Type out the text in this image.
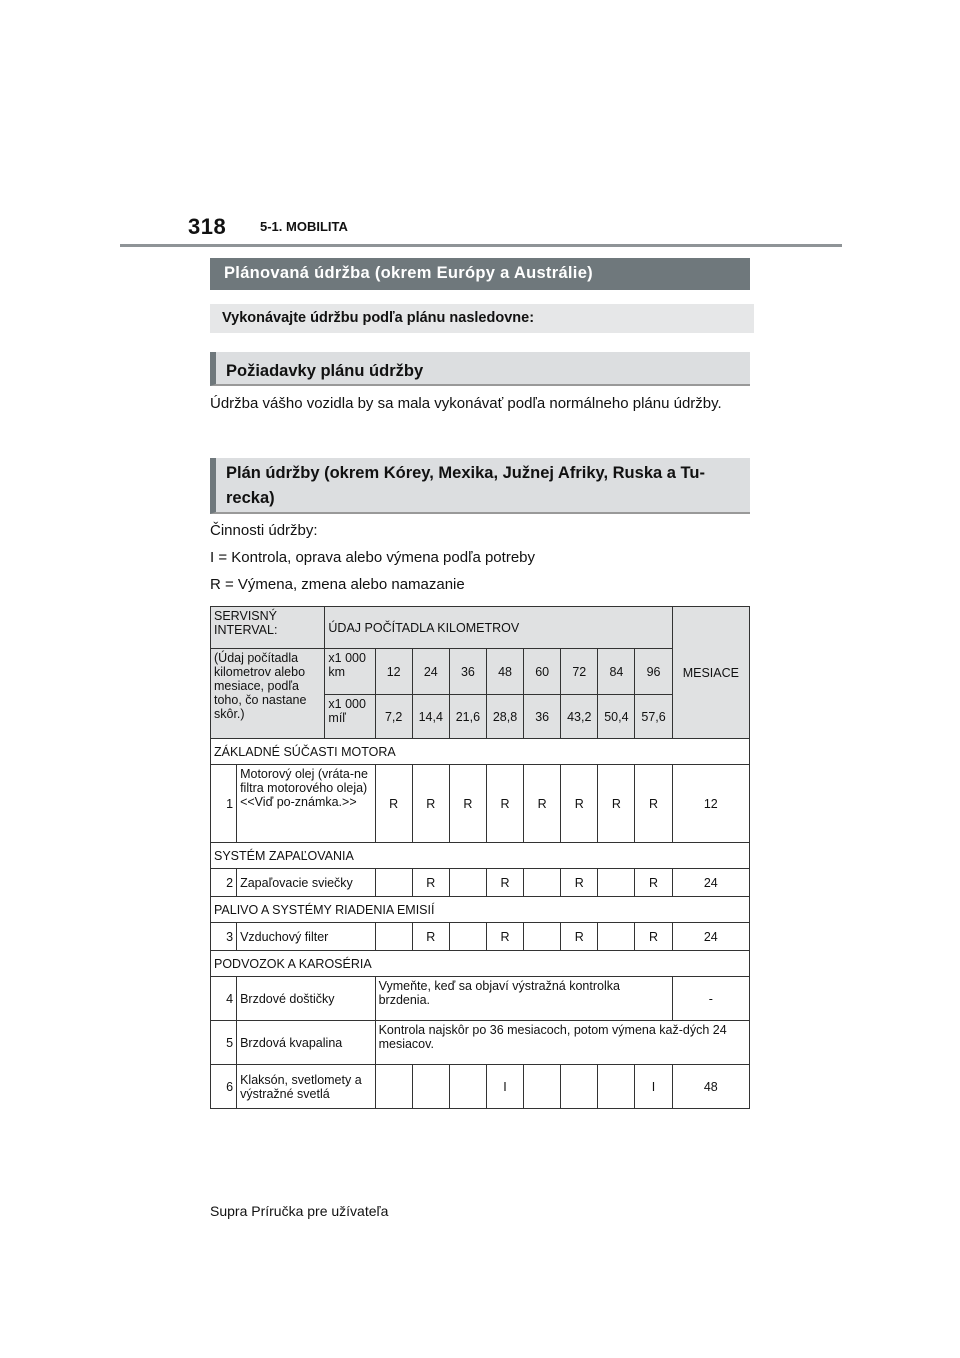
318	5-1. MOBILITA
Plánovaná údržba (okrem Európy a Austrálie)
Vykonávajte údržbu podľa plánu nasledovne:
Požiadavky plánu údržby

Údržba vášho vozidla by sa mala vykonávať podľa normálneho plánu údržby.

Plán údržby (okrem Kórey, Mexika, Južnej Afriky, Ruska a Tu-recka)

Činnosti údržby:

I = Kontrola, oprava alebo výmena podľa potreby

R = Výmena, zmena alebo namazanie

SERVISNÝ INTERVAL:		ÚDAJ POČÍTADLA KILOMETROV									MESIACE
(Údaj počítadla kilometrov alebo mesiace, podľa toho, čo nastane skôr.)		x1 000 km	12	24	36	48	60	72	84	96	
		x1 000 míľ	7,2	14,4	21,6	28,8	36	43,2	50,4	57,6	
ZÁKLADNÉ SÚČASTI MOTORA											
1	Motorový olej (vráta-ne filtra motorového oleja) <<Viď po-známka.>>		R	R	R	R	R	R	R	R	12
SYSTÉM ZAPAĽOVANIA											
2	Zapaľovacie sviečky			R		R		R		R	24
PALIVO A SYSTÉMY RIADENIA EMISIÍ											
3	Vzduchový filter			R		R		R		R	24
PODVOZOK A KAROSÉRIA											
4	Brzdové doštičky		Vymeňte, keď sa objaví výstražná kontrolka brzdenia.								-
5	Brzdová kvapalina		Kontrola najskôr po 36 mesiacoch, potom výmena kaž-dých 24 mesiacov.								
6	Klaksón, svetlomety a výstražné svetlá					I				I	48
Supra Príručka pre užívateľa
